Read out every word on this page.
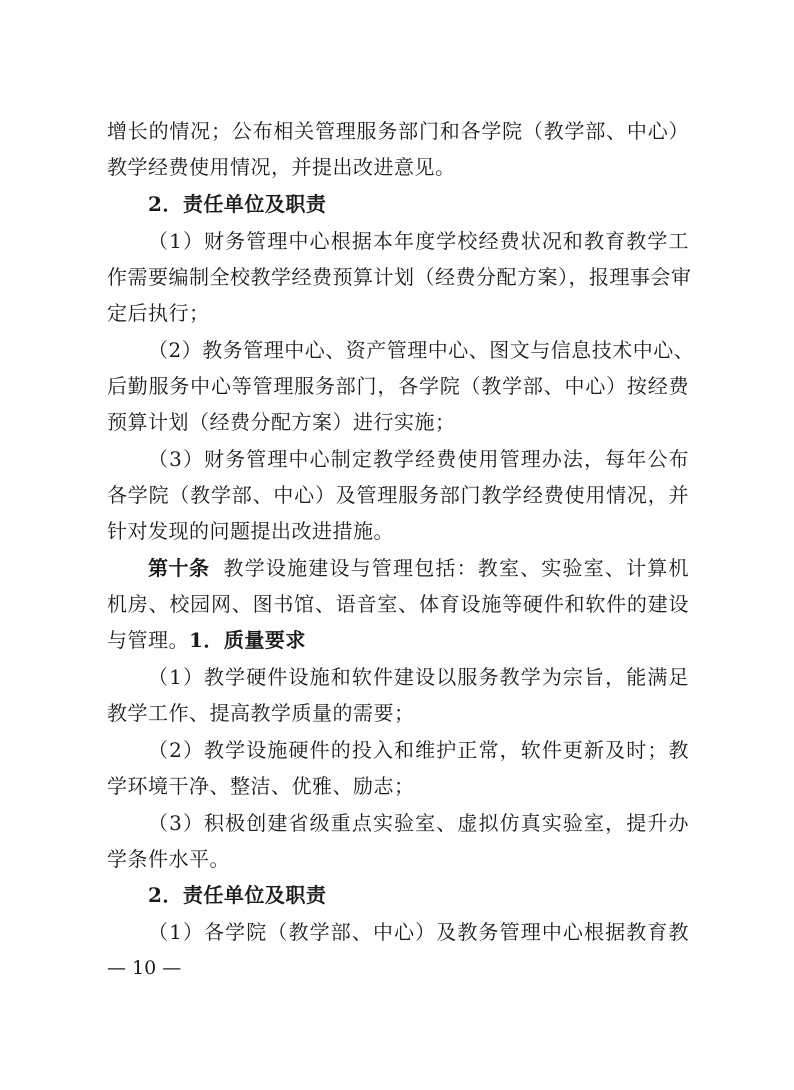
增长的情况；公布相关管理服务部门和各学院（教学部、中心）
教学经费使用情况，并提出改进意见。
2．责任单位及职责
（1）财务管理中心根据本年度学校经费状况和教育教学工
作需要编制全校教学经费预算计划（经费分配方案），报理事会审
定后执行；
（2）教务管理中心、资产管理中心、图文与信息技术中心、
后勤服务中心等管理服务部门，各学院（教学部、中心）按经费
预算计划（经费分配方案）进行实施；
（3）财务管理中心制定教学经费使用管理办法，每年公布
各学院（教学部、中心）及管理服务部门教学经费使用情况，并
针对发现的问题提出改进措施。
第十条 教学设施建设与管理包括：教室、实验室、计算机
机房、校园网、图书馆、语音室、体育设施等硬件和软件的建设
与管理。1．质量要求
（1）教学硬件设施和软件建设以服务教学为宗旨，能满足
教学工作、提高教学质量的需要；
（2）教学设施硬件的投入和维护正常，软件更新及时；教
学环境干净、整洁、优雅、励志；
（3）积极创建省级重点实验室、虚拟仿真实验室，提升办
学条件水平。
2．责任单位及职责
（1）各学院（教学部、中心）及教务管理中心根据教育教
— 10 —
